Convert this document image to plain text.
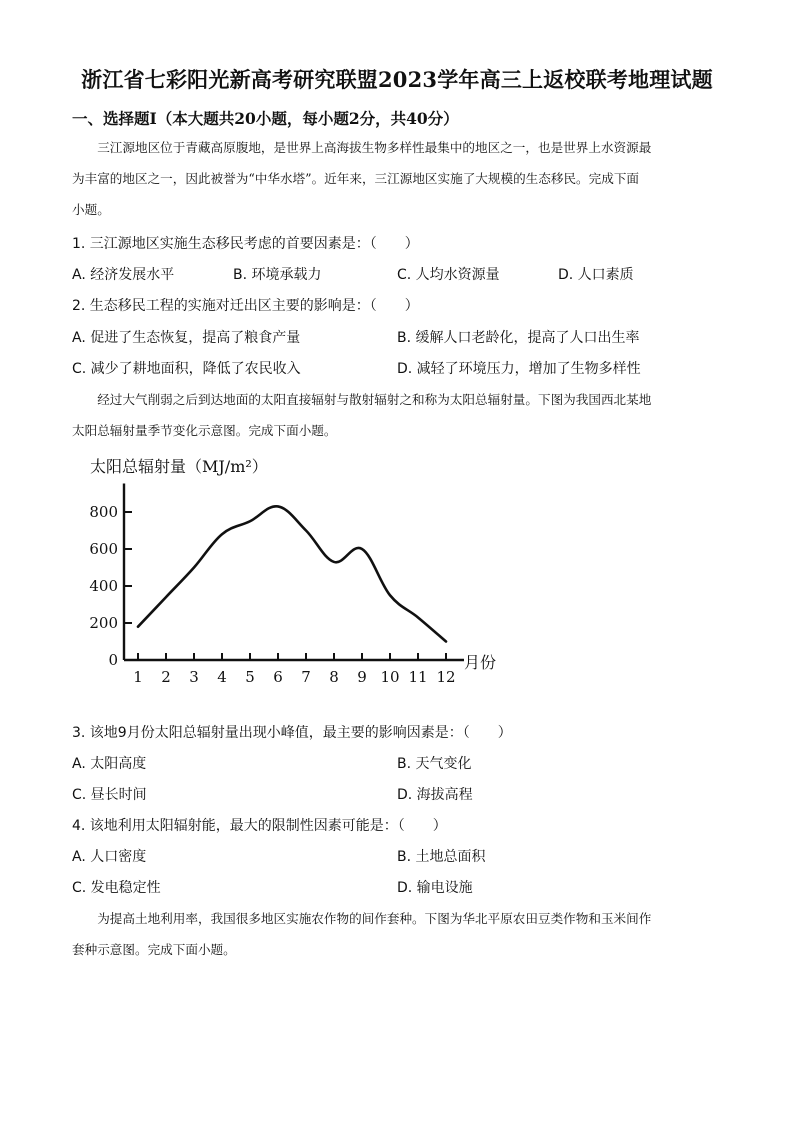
浙江省七彩阳光新高考研究联盟2023学年高三上返校联考地理试题
一、选择题Ⅰ（本大题共20小题，每小题2分，共40分）
三江源地区位于青藏高原腹地，是世界上高海拔生物多样性最集中的地区之一，也是世界上水资源最
为丰富的地区之一，因此被誉为“中华水塔”。近年来，三江源地区实施了大规模的生态移民。完成下面
小题。
1. 三江源地区实施生态移民考虑的首要因素是：（　　）
A. 经济发展水平	B. 环境承载力	C. 人均水资源量	D. 人口素质
2. 生态移民工程的实施对迁出区主要的影响是：（　　）
A. 促进了生态恢复，提高了粮食产量	B. 缓解人口老龄化，提高了人口出生率
C. 减少了耕地面积，降低了农民收入	D. 减轻了环境压力，增加了生物多样性
经过大气削弱之后到达地面的太阳直接辐射与散射辐射之和称为太阳总辐射量。下图为我国西北某地
太阳总辐射量季节变化示意图。完成下面小题。
太阳总辐射量（MJ/m²）
0
200
400
600
800
1 2 3 4 5 6 7 8 9 10 11 12
月份
3. 该地9月份太阳总辐射量出现小峰值，最主要的影响因素是：（　　）
A. 太阳高度	B. 天气变化
C. 昼长时间	D. 海拔高程
4. 该地利用太阳辐射能，最大的限制性因素可能是：（　　）
A. 人口密度	B. 土地总面积
C. 发电稳定性	D. 输电设施
为提高土地利用率，我国很多地区实施农作物的间作套种。下图为华北平原农田豆类作物和玉米间作
套种示意图。完成下面小题。
